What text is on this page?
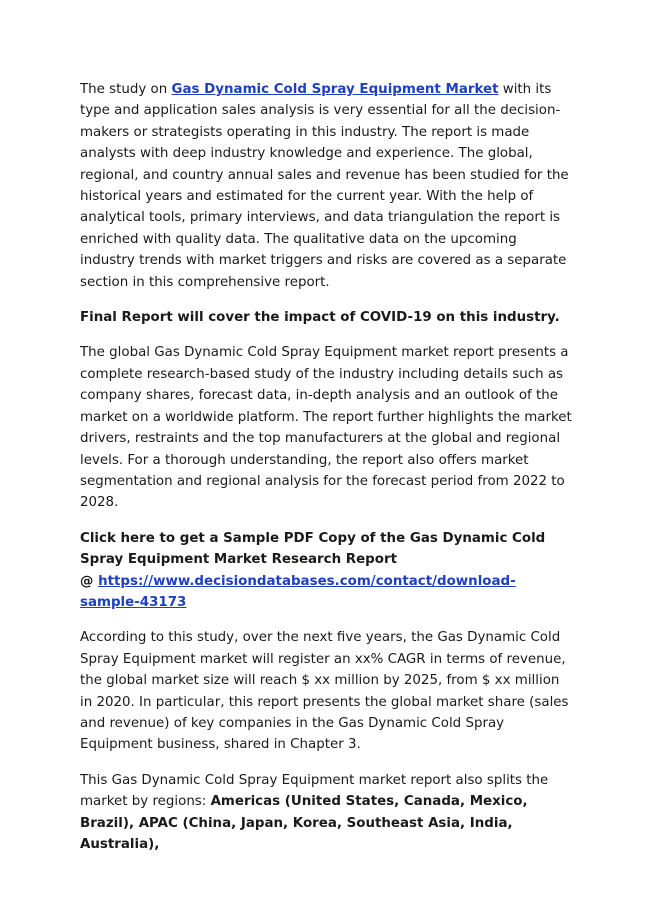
The study on Gas Dynamic Cold Spray Equipment Market with its type and application sales analysis is very essential for all the decision-makers or strategists operating in this industry. The report is made analysts with deep industry knowledge and experience. The global, regional, and country annual sales and revenue has been studied for the historical years and estimated for the current year. With the help of analytical tools, primary interviews, and data triangulation the report is enriched with quality data. The qualitative data on the upcoming industry trends with market triggers and risks are covered as a separate section in this comprehensive report.

Final Report will cover the impact of COVID-19 on this industry.

The global Gas Dynamic Cold Spray Equipment market report presents a complete research-based study of the industry including details such as company shares, forecast data, in-depth analysis and an outlook of the market on a worldwide platform. The report further highlights the market drivers, restraints and the top manufacturers at the global and regional levels. For a thorough understanding, the report also offers market segmentation and regional analysis for the forecast period from 2022 to 2028.

Click here to get a Sample PDF Copy of the Gas Dynamic Cold Spray Equipment Market Research Report
@ https://www.decisiondatabases.com/contact/download-sample-43173

According to this study, over the next five years, the Gas Dynamic Cold Spray Equipment market will register an xx% CAGR in terms of revenue, the global market size will reach $ xx million by 2025, from $ xx million in 2020. In particular, this report presents the global market share (sales and revenue) of key companies in the Gas Dynamic Cold Spray Equipment business, shared in Chapter 3.

This Gas Dynamic Cold Spray Equipment market report also splits the market by regions: Americas (United States, Canada, Mexico, Brazil), APAC (China, Japan, Korea, Southeast Asia, India, Australia),
